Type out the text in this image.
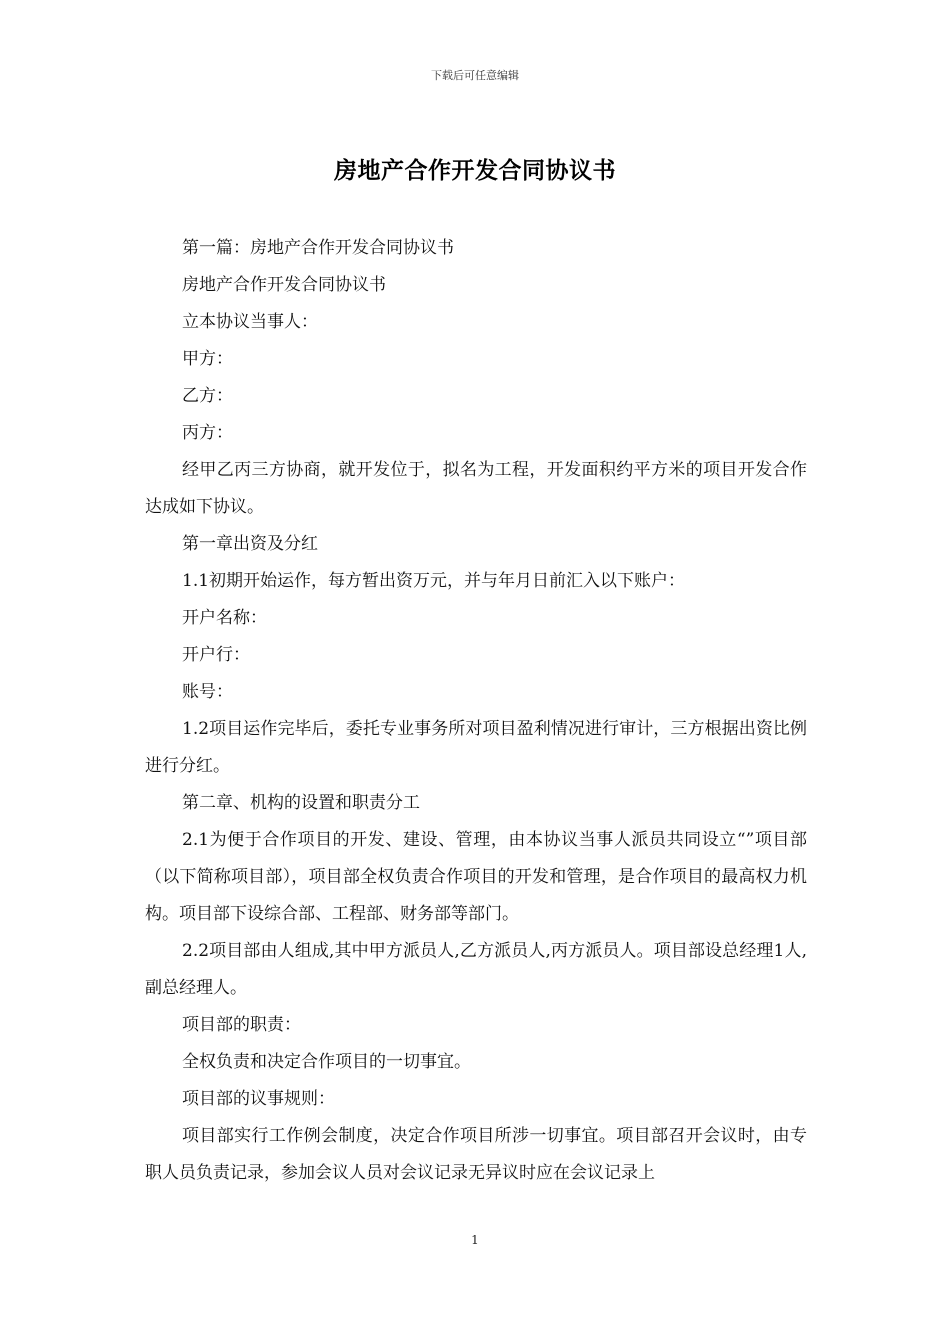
下载后可任意编辑
房地产合作开发合同协议书

第一篇：房地产合作开发合同协议书

房地产合作开发合同协议书

立本协议当事人：

甲方：

乙方：

丙方：

经甲乙丙三方协商，就开发位于，拟名为工程，开发面积约平方米的项目开发合作达成如下协议。

第一章出资及分红

1.1初期开始运作，每方暂出资万元，并与年月日前汇入以下账户：

开户名称：

开户行：

账号：

1.2项目运作完毕后，委托专业事务所对项目盈利情况进行审计，三方根据出资比例进行分红。

第二章、机构的设置和职责分工

2.1为便于合作项目的开发、建设、管理，由本协议当事人派员共同设立“”项目部（以下简称项目部），项目部全权负责合作项目的开发和管理，是合作项目的最高权力机构。项目部下设综合部、工程部、财务部等部门。

2.2项目部由人组成,其中甲方派员人,乙方派员人,丙方派员人。项目部设总经理1人,副总经理人。

项目部的职责：

全权负责和决定合作项目的一切事宜。

项目部的议事规则：

项目部实行工作例会制度，决定合作项目所涉一切事宜。项目部召开会议时，由专职人员负责记录，参加会议人员对会议记录无异议时应在会议记录上

1
